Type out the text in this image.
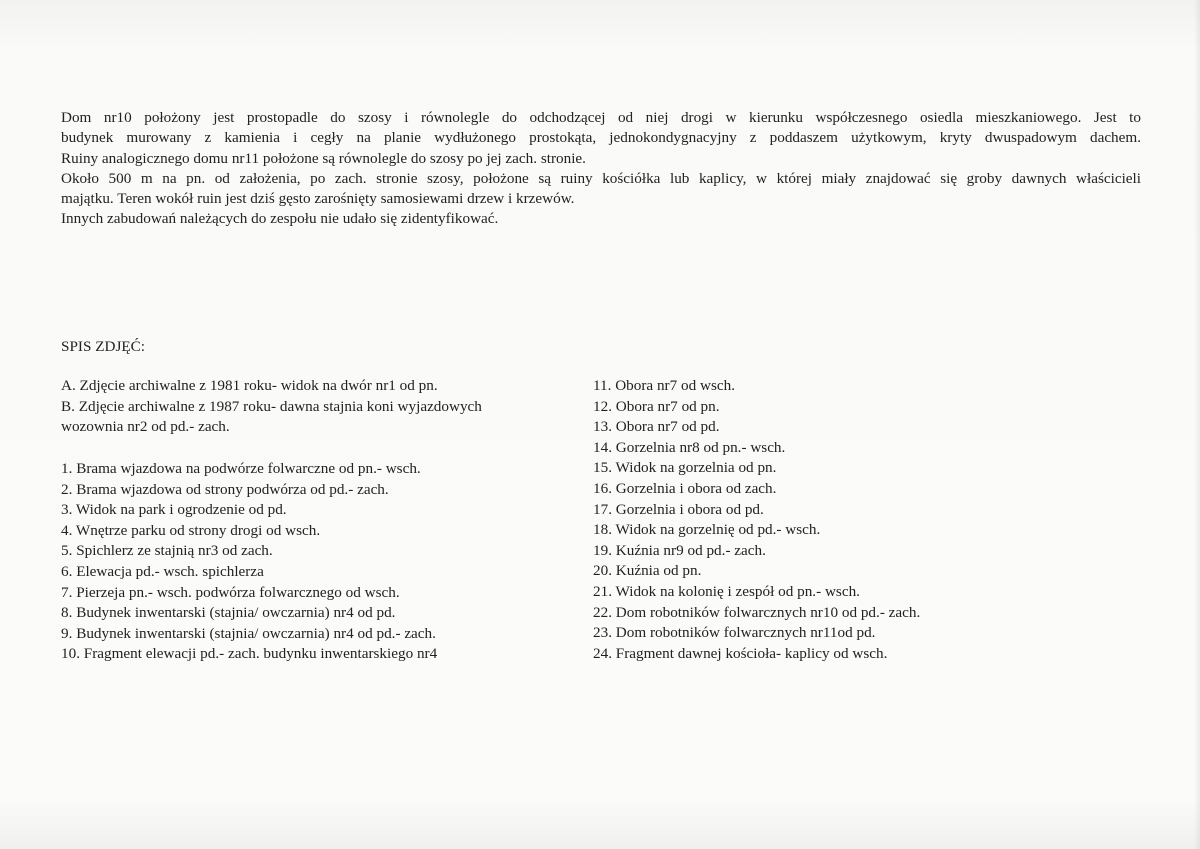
Dom nr10 położony jest prostopadle do szosy i równolegle do odchodzącej od niej drogi w kierunku współczesnego osiedla mieszkaniowego. Jest to

budynek murowany z kamienia i cegły na planie wydłużonego prostokąta, jednokondygnacyjny z poddaszem użytkowym, kryty dwuspadowym dachem.

Ruiny analogicznego domu nr11 położone są równolegle do szosy po jej zach. stronie.

Około 500 m na pn. od założenia, po zach. stronie szosy, położone są ruiny kościółka lub kaplicy, w której miały znajdować się groby dawnych właścicieli

majątku. Teren wokół ruin jest dziś gęsto zarośnięty samosiewami drzew i krzewów.

Innych zabudowań należących do zespołu nie udało się zidentyfikować.

SPIS ZDJĘĆ:
A. Zdjęcie archiwalne z 1981 roku- widok na dwór nr1 od pn.
B. Zdjęcie archiwalne z 1987 roku- dawna stajnia koni wyjazdowych
wozownia nr2 od pd.- zach.
1. Brama wjazdowa na podwórze folwarczne od pn.- wsch.
2. Brama wjazdowa od strony podwórza od pd.- zach.
3. Widok na park i ogrodzenie od pd.
4. Wnętrze parku od strony drogi od wsch.
5. Spichlerz ze stajnią nr3 od zach.
6. Elewacja pd.- wsch. spichlerza
7. Pierzeja pn.- wsch. podwórza folwarcznego od wsch.
8. Budynek inwentarski (stajnia/ owczarnia) nr4 od pd.
9. Budynek inwentarski (stajnia/ owczarnia) nr4 od pd.- zach.
10. Fragment elewacji pd.- zach. budynku inwentarskiego nr4
11. Obora nr7 od wsch.
12. Obora nr7 od pn.
13. Obora nr7 od pd.
14. Gorzelnia nr8 od pn.- wsch.
15. Widok na gorzelnia od pn.
16. Gorzelnia i obora od zach.
17. Gorzelnia i obora od pd.
18. Widok na gorzelnię od pd.- wsch.
19. Kuźnia nr9 od pd.- zach.
20. Kuźnia od pn.
21. Widok na kolonię i zespół od pn.- wsch.
22. Dom robotników folwarcznych nr10 od pd.- zach.
23. Dom robotników folwarcznych nr11od pd.
24. Fragment dawnej kościoła- kaplicy od wsch.
